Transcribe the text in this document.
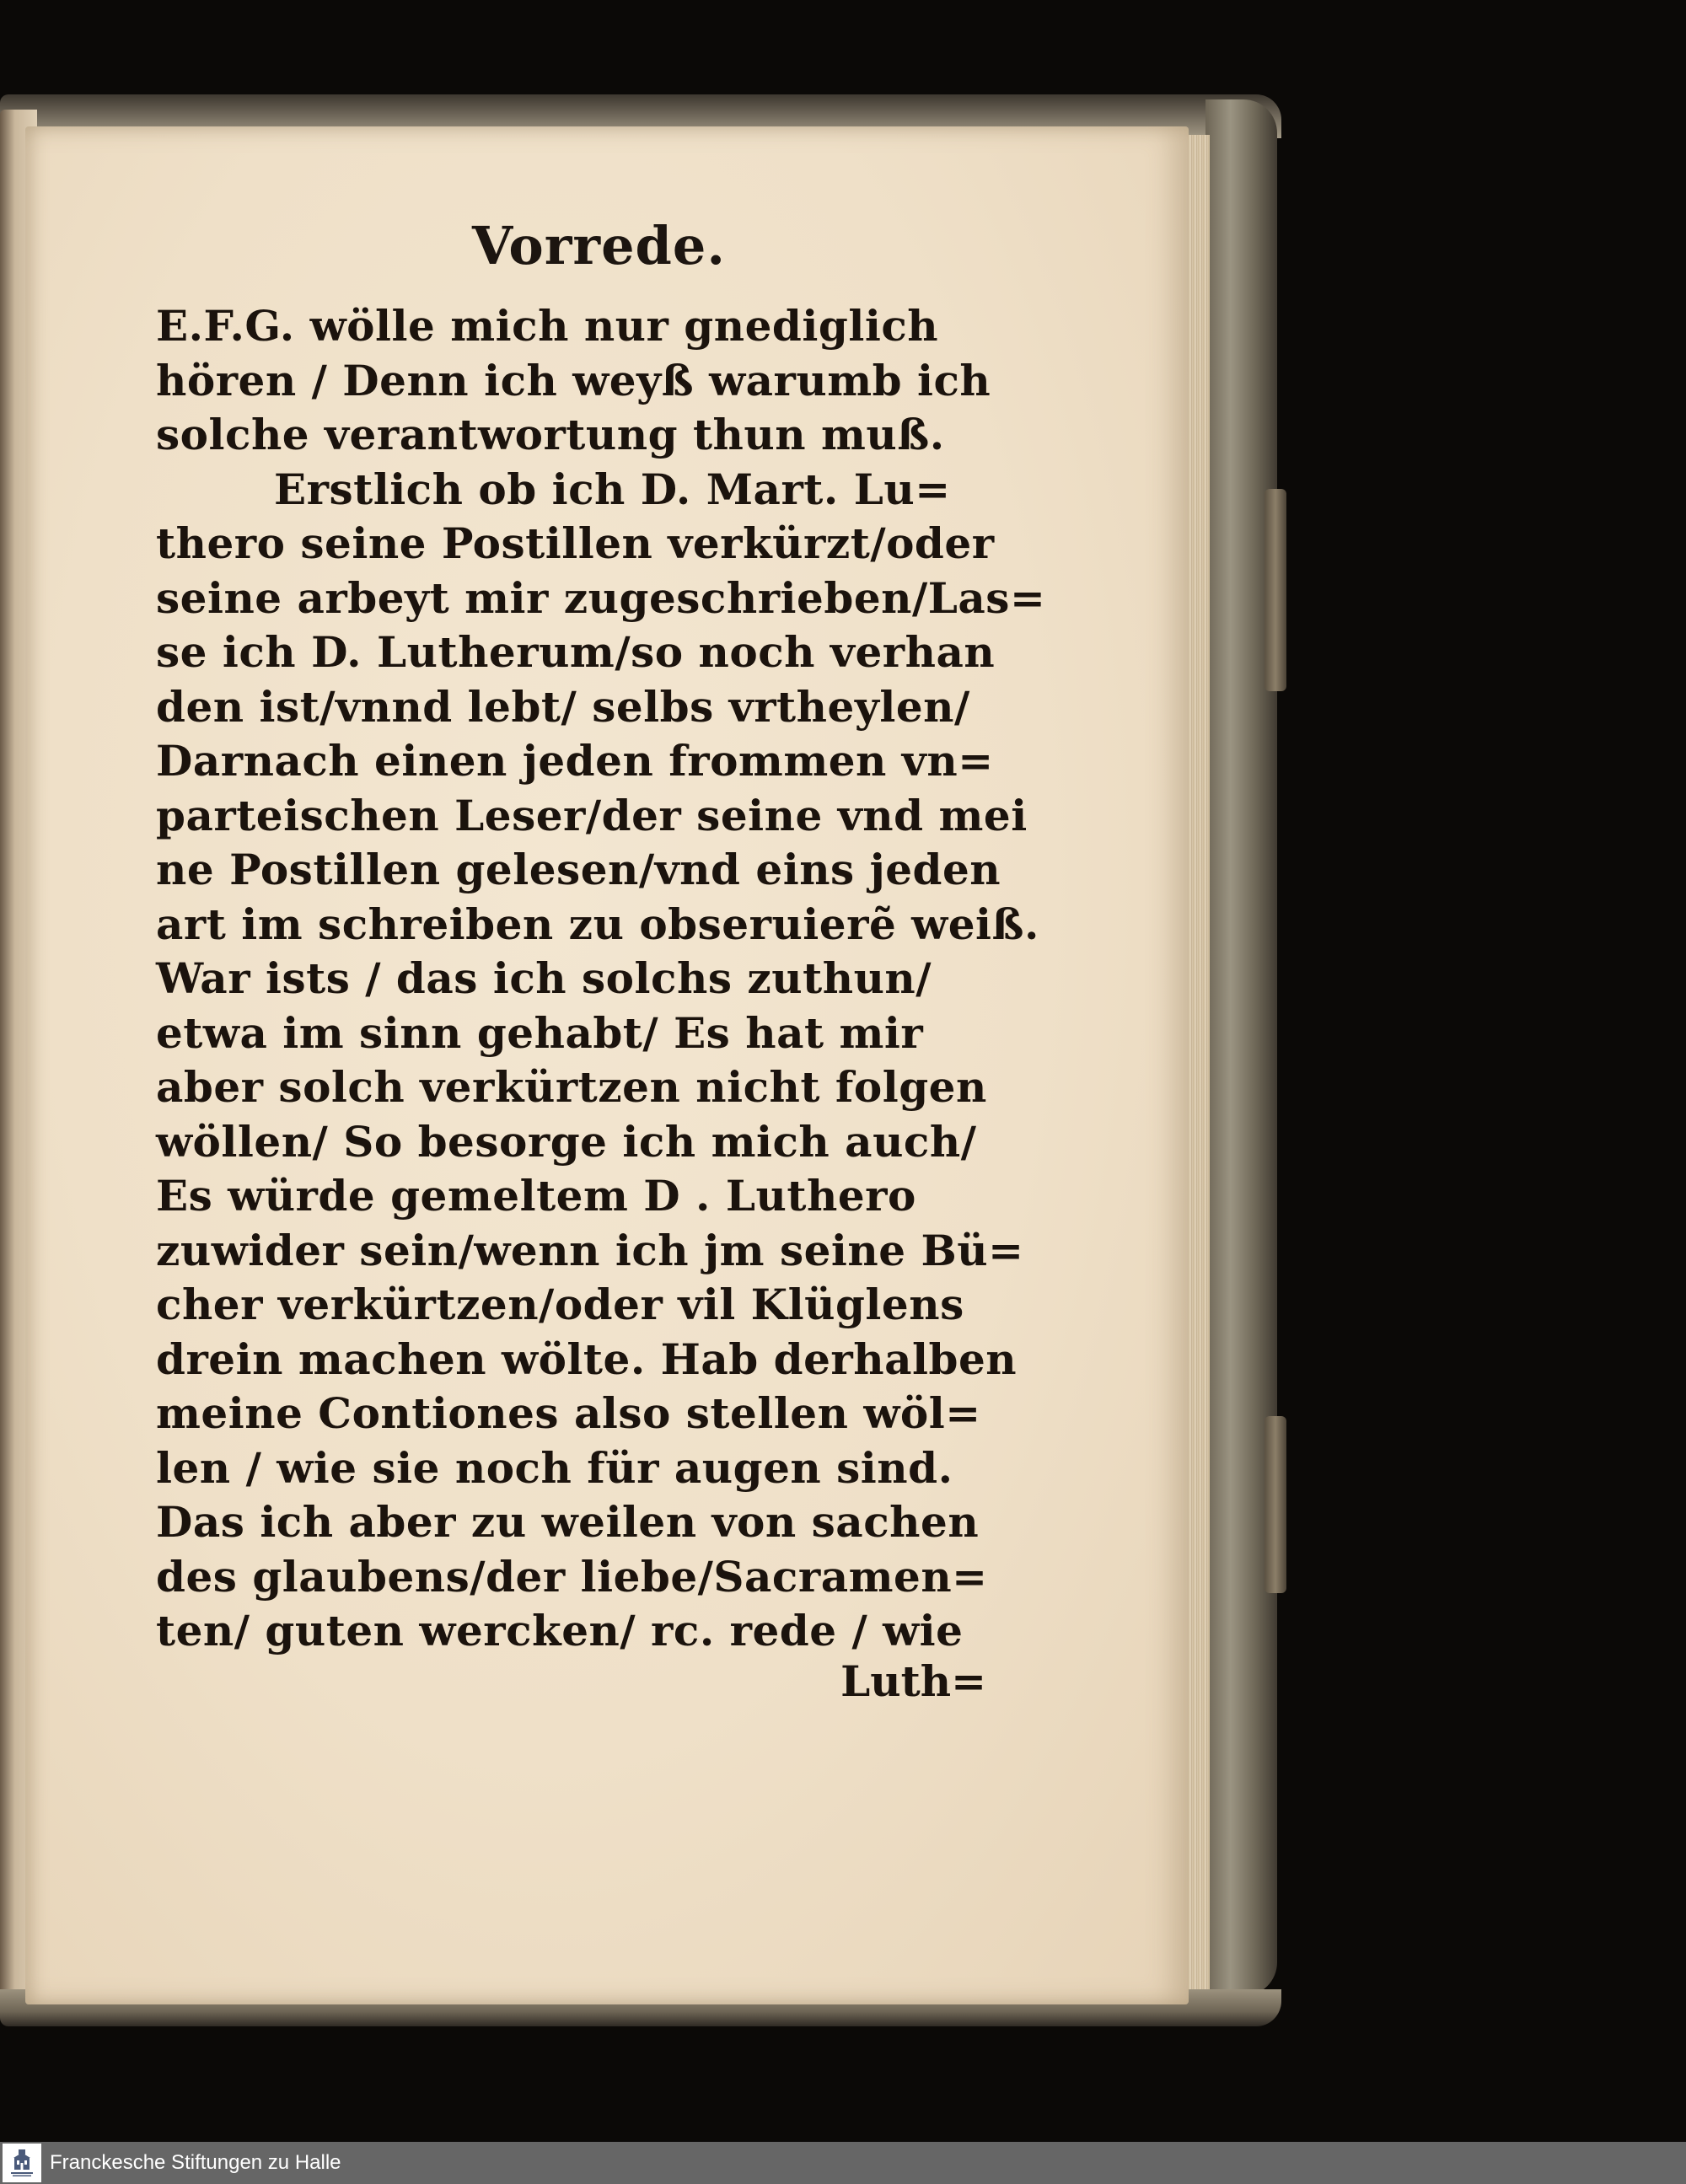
Vorrede.
E.F.G. wölle mich nur gnediglich
hören / Denn ich weyß warumb ich
solche verantwortung thun muß.
Erstlich ob ich D. Mart. Lu=
thero seine Postillen verkürzt/oder
seine arbeyt mir zugeschrieben/Las=
se ich D. Lutherum/so noch verhan
den ist/vnnd lebt/ selbs vrtheylen/
Darnach einen jeden frommen vn=
parteischen Leser/der seine vnd mei
ne Postillen gelesen/vnd eins jeden
art im schreiben zu obseruierẽ weiß.
War ists / das ich solchs zuthun/
etwa im sinn gehabt/ Es hat mir
aber solch verkürtzen nicht folgen
wöllen/ So besorge ich mich auch/
Es würde gemeltem D . Luthero
zuwider sein/wenn ich jm seine Bü=
cher verkürtzen/oder vil Klüglens
drein machen wölte. Hab derhalben
meine Contiones also stellen wöl=
len / wie sie noch für augen sind.
Das ich aber zu weilen von sachen
des glaubens/der liebe/Sacramen=
ten/ guten wercken/ rc. rede / wie
Luth=
Franckesche Stiftungen zu Halle
